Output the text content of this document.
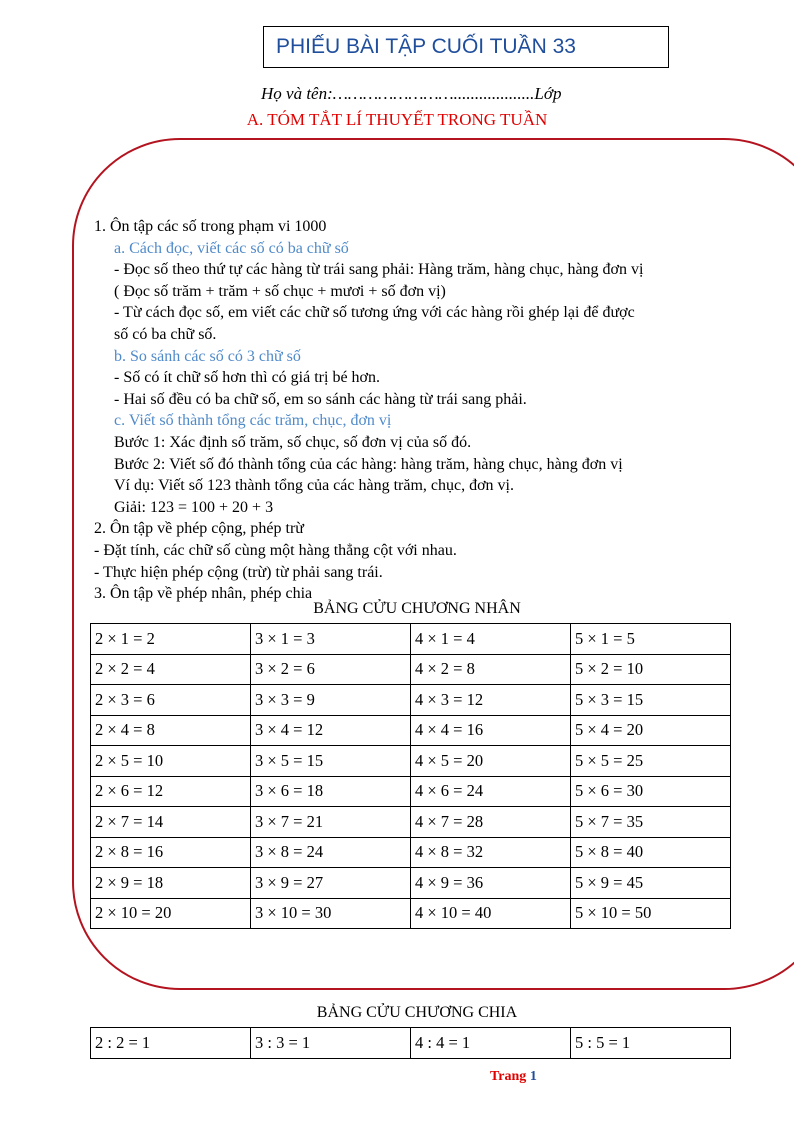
PHIẾU BÀI TẬP CUỐI TUẦN 33
Họ và tên:……………………...................Lớp
A. TÓM TẮT LÍ THUYẾT TRONG TUẦN
1. Ôn tập các số trong phạm vi 1000
a. Cách đọc, viết các số có ba chữ số
- Đọc số theo thứ tự các hàng từ trái sang phải: Hàng trăm, hàng chục, hàng đơn vị
( Đọc số trăm + trăm + số chục + mươi + số đơn vị)
- Từ cách đọc số, em viết các chữ số tương ứng với các hàng rồi ghép lại để được
số có ba chữ số.
b. So sánh các số có 3 chữ số
- Số có ít chữ số hơn thì có giá trị bé hơn.
- Hai số đều có ba chữ số, em so sánh các hàng từ trái sang phải.
c. Viết số thành tổng các trăm, chục, đơn vị
Bước 1: Xác định số trăm, số chục, số đơn vị của số đó.
Bước 2: Viết số đó thành tổng của các hàng: hàng trăm, hàng chục, hàng đơn vị
Ví dụ: Viết số 123 thành tổng của các hàng trăm, chục, đơn vị.
Giải: 123 = 100 + 20 + 3
2. Ôn tập về phép cộng, phép trừ
- Đặt tính, các chữ số cùng một hàng thẳng cột với nhau.
- Thực hiện phép cộng (trừ) từ phải sang trái.
3. Ôn tập về phép nhân, phép chia
BẢNG CỬU CHƯƠNG NHÂN
2 × 1 = 2	3 × 1 = 3	4 × 1 = 4	5 × 1 = 5
2 × 2 = 4	3 × 2 = 6	4 × 2 = 8	5 × 2 = 10
2 × 3 = 6	3 × 3 = 9	4 × 3 = 12	5 × 3 = 15
2 × 4 = 8	3 × 4 = 12	4 × 4 = 16	5 × 4 = 20
2 × 5 = 10	3 × 5 = 15	4 × 5 = 20	5 × 5 = 25
2 × 6 = 12	3 × 6 = 18	4 × 6 = 24	5 × 6 = 30
2 × 7 = 14	3 × 7 = 21	4 × 7 = 28	5 × 7 = 35
2 × 8 = 16	3 × 8 = 24	4 × 8 = 32	5 × 8 = 40
2 × 9 = 18	3 × 9 = 27	4 × 9 = 36	5 × 9 = 45
2 × 10 = 20	3 × 10 = 30	4 × 10 = 40	5 × 10 = 50
BẢNG CỬU CHƯƠNG CHIA
2 : 2 = 1	3 : 3 = 1	4 : 4 = 1	5 : 5 = 1
Trang 1
